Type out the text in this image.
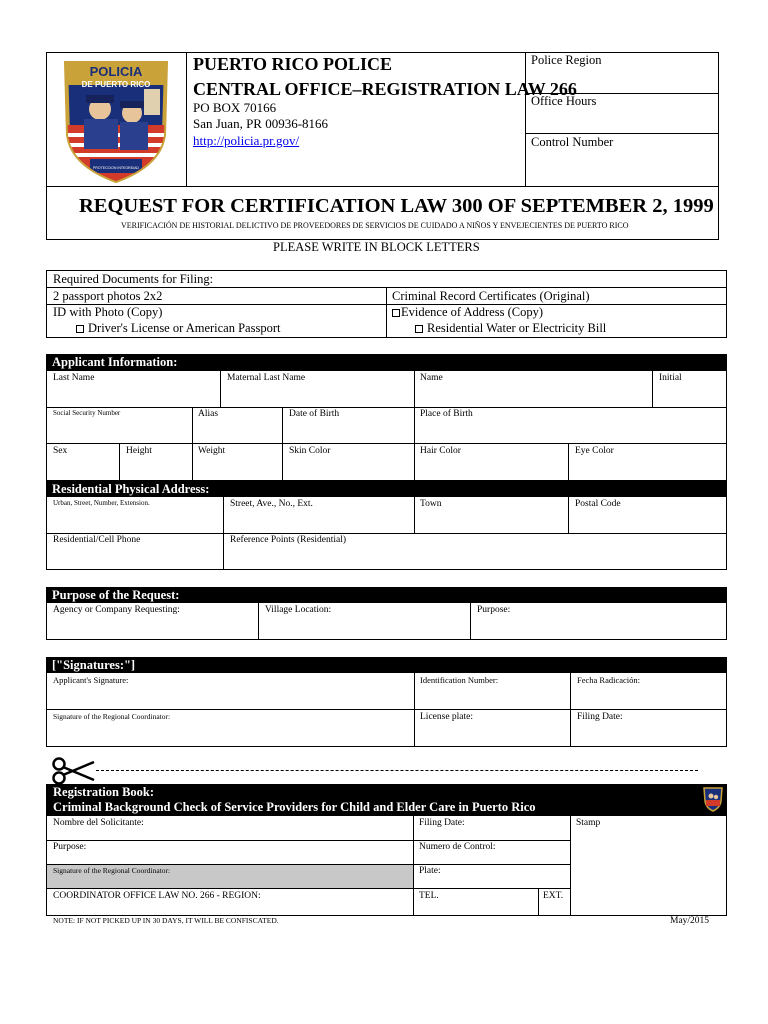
POLICIA
DE PUERTO RICO
PROTECCION INTEGRIDAD
PUERTO RICO POLICE
CENTRAL OFFICE–REGISTRATION LAW 266
PO BOX 70166
San Juan, PR 00936-8166
http://policia.pr.gov/
Police Region
Office Hours
Control Number
REQUEST FOR CERTIFICATION LAW 300 OF SEPTEMBER 2, 1999
VERIFICACIÓN DE HISTORIAL DELICTIVO DE PROVEEDORES DE SERVICIOS DE CUIDADO A NIÑOS Y ENVEJECIENTES DE PUERTO RICO
PLEASE WRITE IN BLOCK LETTERS
Required Documents for Filing:
2 passport photos 2x2
ID with Photo (Copy)
Driver's License or American Passport
Criminal Record Certificates (Original)
Evidence of Address (Copy)
Residential Water or Electricity Bill
Applicant Information:
Last Name	Maternal Last Name	Name	Initial
Social Security Number	Alias	Date of Birth	Place of Birth
Sex	Height	Weight	Skin Color	Hair Color	Eye Color
Residential Physical Address:
Urban, Street, Number, Extension.	Street, Ave., No., Ext.	Town	Postal Code
Residential/Cell Phone	Reference Points (Residential)
Purpose of the Request:
Agency or Company Requesting:	Village Location:	Purpose:
["Signatures:"]
Applicant's Signature:	Identification Number:	Fecha Radicación:
Signature of the Regional Coordinator:	License plate:	Filing Date:
Registration Book:
Criminal Background Check of Service Providers for Child and Elder Care in Puerto Rico
Nombre del Solicitante:	Filing Date:
Purpose:	Numero de Control:
Signature of the Regional Coordinator:	Plate:
COORDINATOR OFFICE LAW NO. 266 - REGION:	TEL.	EXT.
Stamp
NOTE: IF NOT PICKED UP IN 30 DAYS, IT WILL BE CONFISCATED.	May/2015
